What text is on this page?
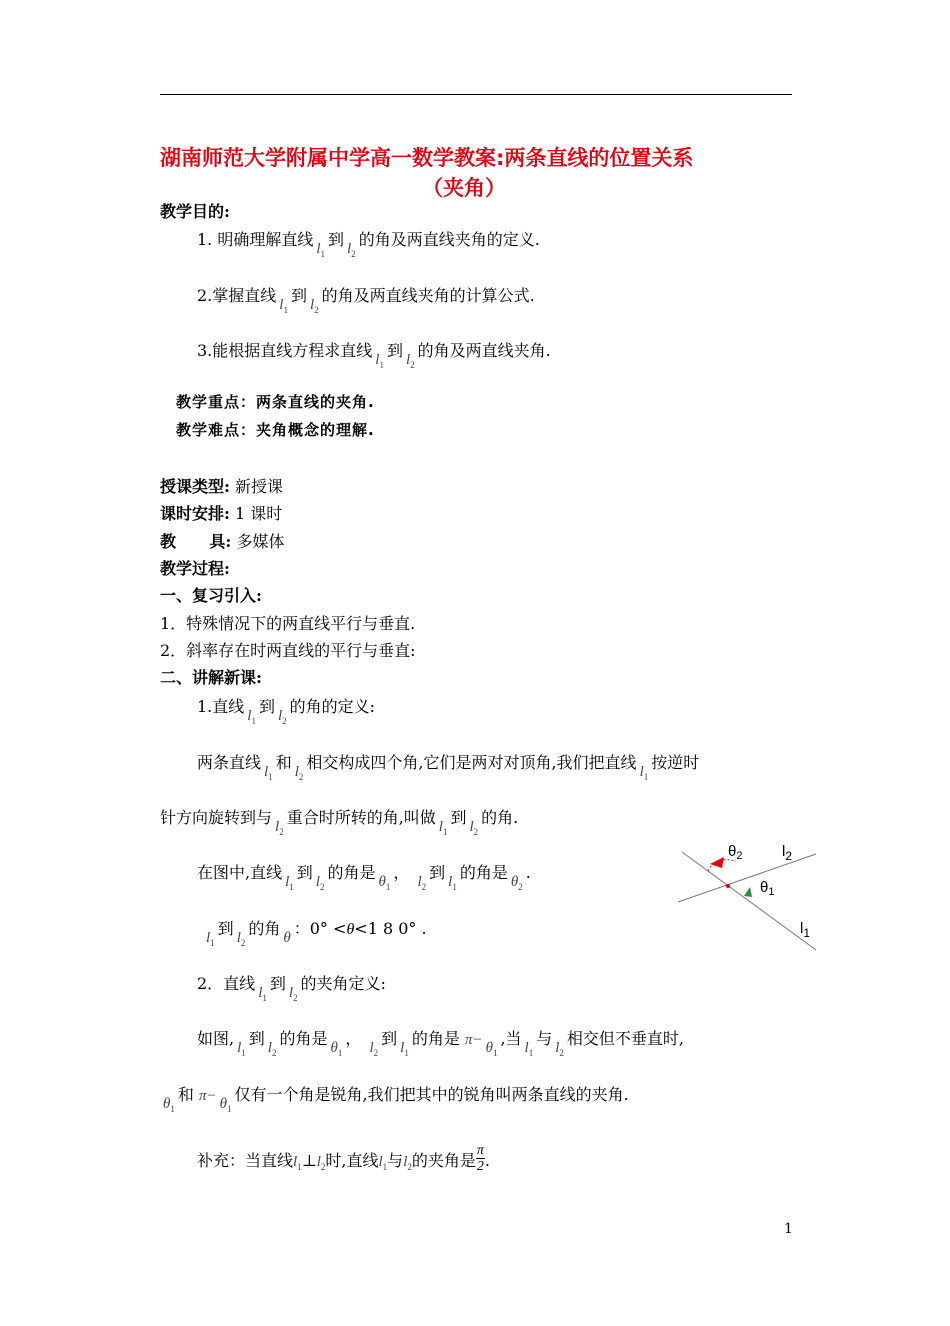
湖南师范大学附属中学高一数学教案:两条直线的位置关系
（夹角）
教学目的:
1. 明确理解直线 $l_1$到 $l_2$的角及两直线夹角的定义.
2.掌握直线 $l_1$到 $l_2$的角及两直线夹角的计算公式.
3.能根据直线方程求直线 $l_1$到 $l_2$的角及两直线夹角.
教学重点：两条直线的夹角.
教学难点：夹角概念的理解.
授课类型: 新授课
课时安排: 1 课时
教      具: 多媒体
教学过程:
一、复习引入:
1．特殊情况下的两直线平行与垂直.
2．斜率存在时两直线的平行与垂直:
二、讲解新课:
1.直线 $l_1$到 $l_2$的角的定义:
两条直线 $l_1$和 $l_2$相交构成四个角,它们是两对对顶角,我们把直线 $l_1$按逆时
针方向旋转到与 $l_2$重合时所转的角,叫做 $l_1$到 $l_2$的角.
在图中,直线 $l_1$到 $l_2$的角是 $\theta_1$， $l_2$到 $l_1$的角是 $\theta_2$.
$l_1$到 $l_2$的角 θ ：0° <θ<1 8 0° .
2．直线 $l_1$到 $l_2$的夹角定义:
如图, $l_1$到 $l_2$的角是 $\theta_1$， $l_2$到 $l_1$的角是 $\pi- \theta_1$,当 $l_1$与 $l_2$相交但不垂直时,
$\theta_1$和 $\pi- \theta_1$仅有一个角是锐角,我们把其中的锐角叫两条直线的夹角.
补充：当直线$l_1\perp l_2$时,直线$l_1$与$l_2$的夹角是 $\frac{\pi}{2}$ .
$\theta_2$	$l_2$
$\theta_1$
$l_1$
1
